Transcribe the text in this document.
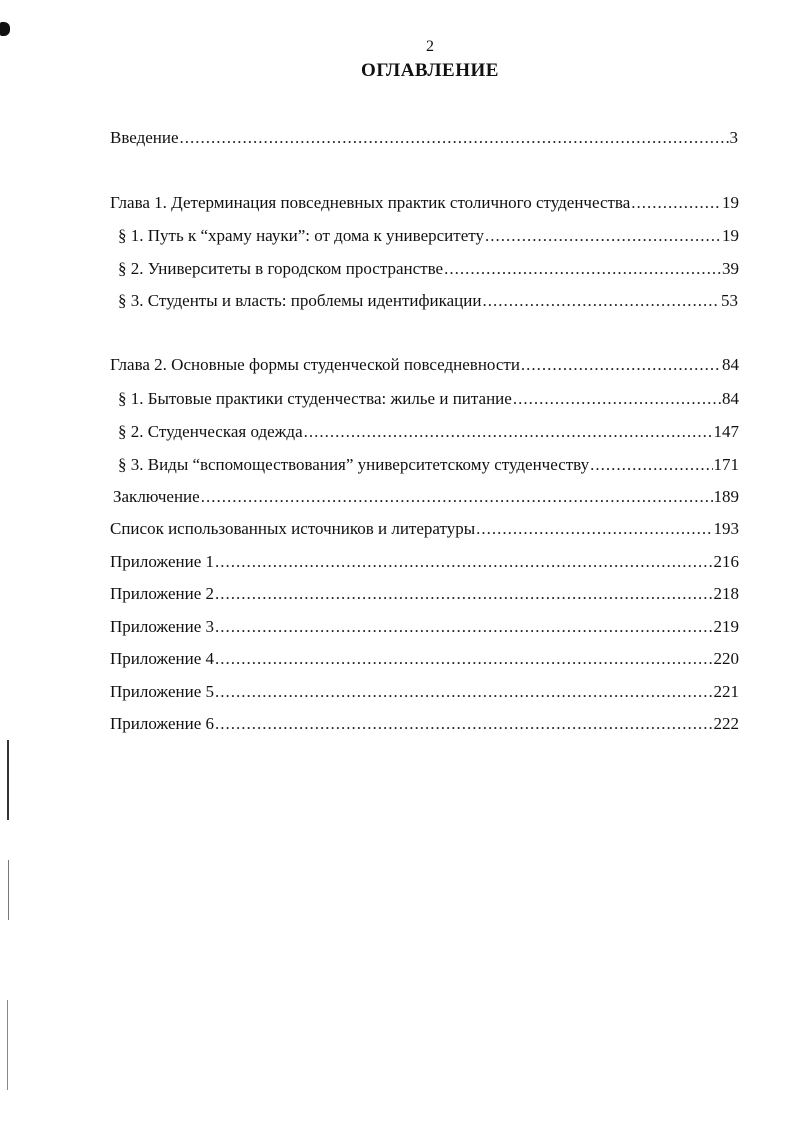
2
ОГЛАВЛЕНИЕ
Введение .....	3
Глава 1. Детерминация повседневных практик столичного студенчества .....	19
§ 1. Путь к “храму науки”: от дома к университету .....	19
§ 2. Университеты в городском пространстве .....	39
§ 3. Студенты и власть: проблемы идентификации .....	53
Глава 2. Основные формы студенческой повседневности .....	84
§ 1. Бытовые практики студенчества: жилье и питание .....	84
§ 2. Студенческая одежда .....	147
§ 3. Виды “вспомоществования” университетскому студенчеству .....	171
Заключение .....	189
Список использованных источников и литературы .....	193
Приложение 1 .....	216
Приложение 2 .....	218
Приложение 3 .....	219
Приложение 4 .....	220
Приложение 5 .....	221
Приложение 6 .....	222
